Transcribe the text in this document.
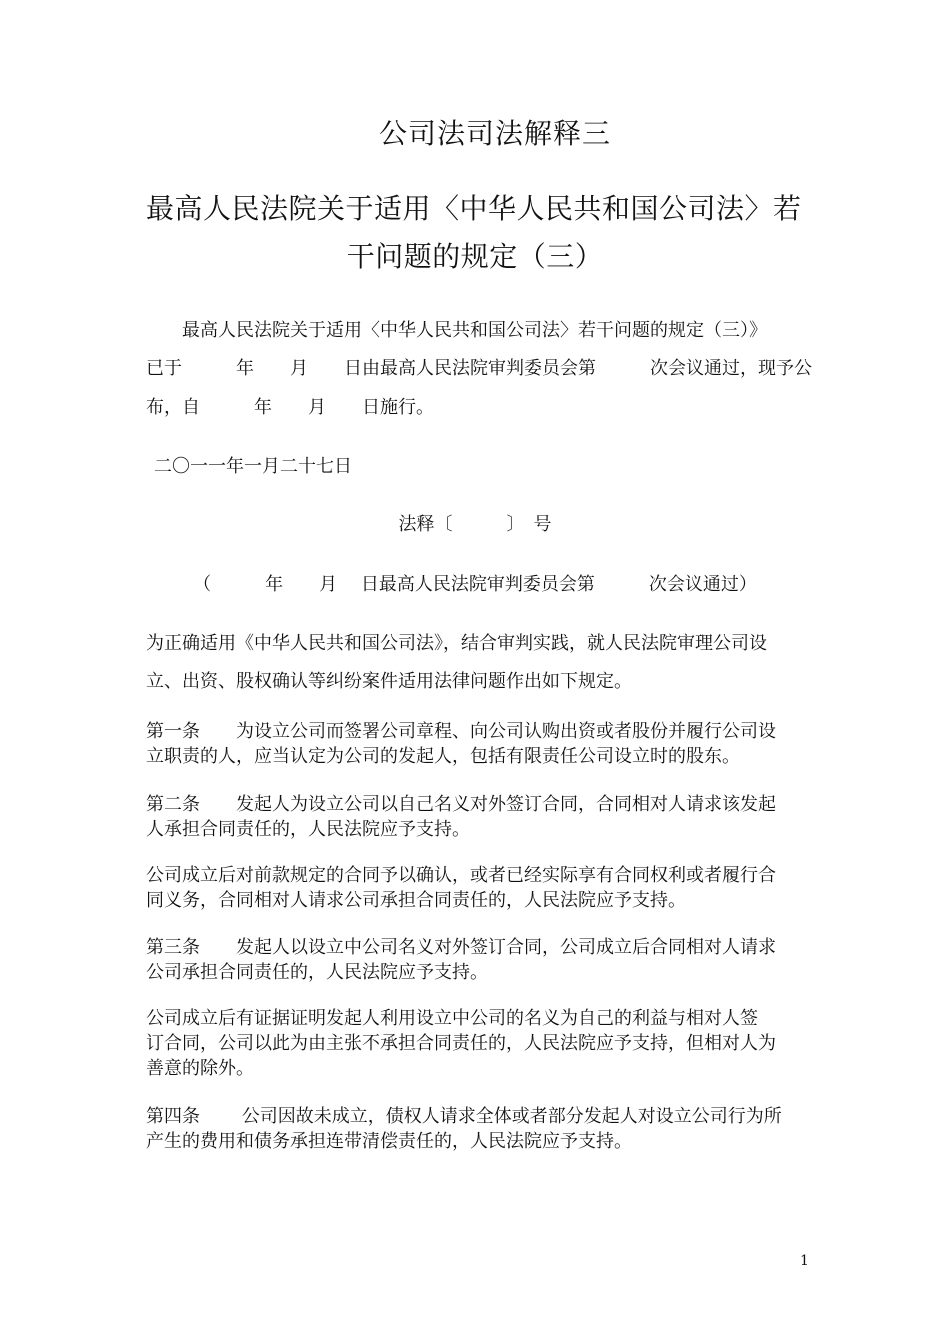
公司法司法解释三
最高人民法院关于适用〈中华人民共和国公司法〉若
干问题的规定（三）
最高人民法院关于适用〈中华人民共和国公司法〉若干问题的规定（三）》
已于　　　年　　月　　日由最高人民法院审判委员会第　　　次会议通过，现予公
布，自　　　年　　月　　日施行。
二〇一一年一月二十七日
法释〔　　　〕　号
（　　　年　　月　 日最高人民法院审判委员会第　　　次会议通过）
为正确适用《中华人民共和国公司法》，结合审判实践，就人民法院审理公司设
立、出资、股权确认等纠纷案件适用法律问题作出如下规定。
第一条　　为设立公司而签署公司章程、向公司认购出资或者股份并履行公司设
立职责的人，应当认定为公司的发起人，包括有限责任公司设立时的股东。
第二条　　发起人为设立公司以自己名义对外签订合同，合同相对人请求该发起
人承担合同责任的，人民法院应予支持。
公司成立后对前款规定的合同予以确认，或者已经实际享有合同权利或者履行合
同义务，合同相对人请求公司承担合同责任的，人民法院应予支持。
第三条　　发起人以设立中公司名义对外签订合同，公司成立后合同相对人请求
公司承担合同责任的，人民法院应予支持。
公司成立后有证据证明发起人利用设立中公司的名义为自己的利益与相对人签
订合同，公司以此为由主张不承担合同责任的，人民法院应予支持，但相对人为
善意的除外。
第四条　　 公司因故未成立，债权人请求全体或者部分发起人对设立公司行为所
产生的费用和债务承担连带清偿责任的，人民法院应予支持。
1
